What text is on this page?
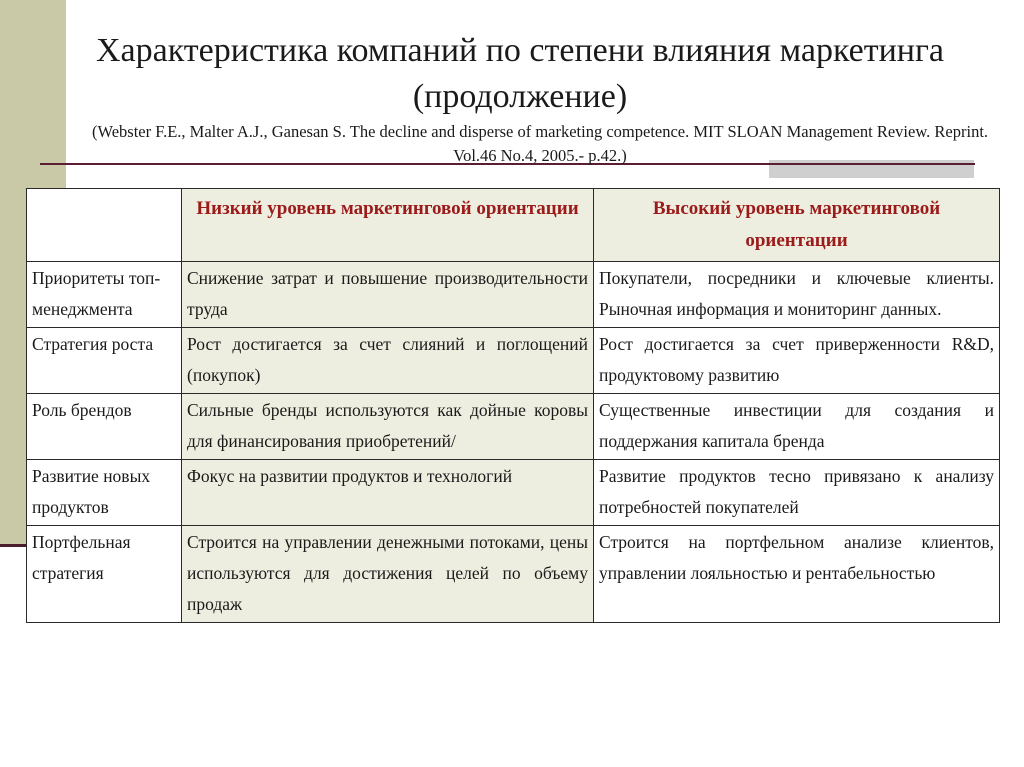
Характеристика компаний по степени влияния маркетинга (продолжение)
(Webster F.E., Malter A.J., Ganesan S. The decline and disperse of marketing competence. MIT SLOAN Management Review. Reprint. Vol.46 No.4, 2005.- p.42.)
	Низкий уровень маркетинговой ориентации	Высокий уровень маркетинговой ориентации
Приоритеты топ-менеджмента	Снижение затрат и повышение производительности труда	Покупатели, посредники и ключевые клиенты. Рыночная информация и мониторинг данных.
Стратегия роста	Рост достигается за счет слияний и поглощений (покупок)	Рост достигается за счет приверженности R&D, продуктовому развитию
Роль брендов	Сильные бренды используются как дойные коровы для финансирования приобретений/	Существенные инвестиции для создания и поддержания капитала бренда
Развитие новых продуктов	Фокус на развитии продуктов и технологий	Развитие продуктов тесно привязано к анализу потребностей покупателей
Портфельная стратегия	Строится на управлении денежными потоками, цены используются для достижения целей по объему продаж	Строится на портфельном анализе клиентов, управлении лояльностью и рентабельностью
